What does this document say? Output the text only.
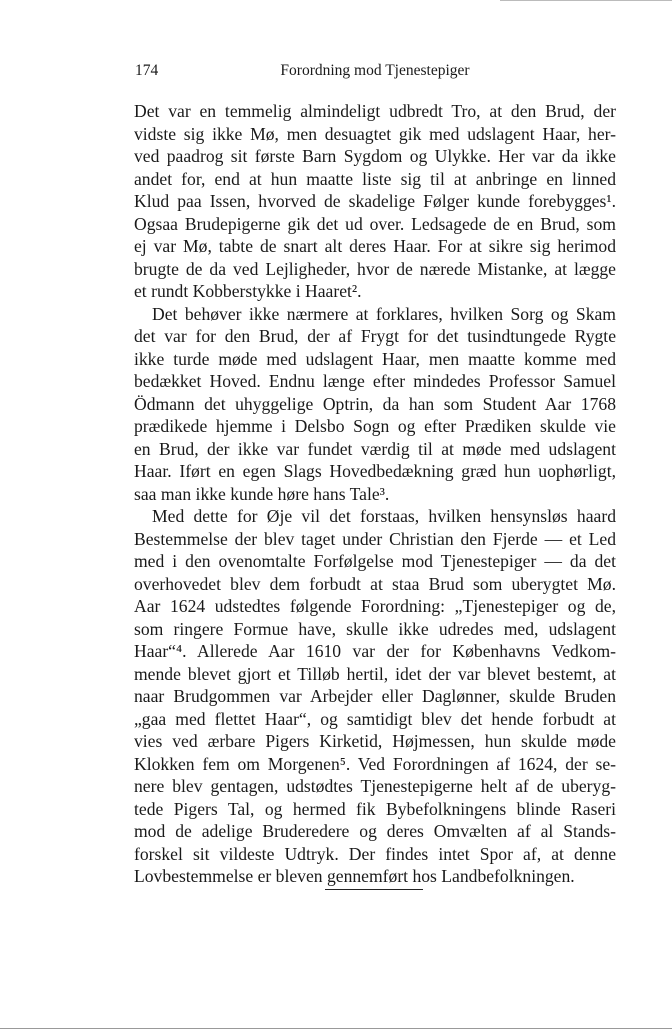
174	Forordning mod Tjenestepiger
Det var en temmelig almindeligt udbredt Tro, at den Brud, der
vidste sig ikke Mø, men desuagtet gik med udslagent Haar, her-
ved paadrog sit første Barn Sygdom og Ulykke. Her var da ikke
andet for, end at hun maatte liste sig til at anbringe en linned
Klud paa Issen, hvorved de skadelige Følger kunde forebygges¹.
Ogsaa Brudepigerne gik det ud over. Ledsagede de en Brud, som
ej var Mø, tabte de snart alt deres Haar. For at sikre sig herimod
brugte de da ved Lejligheder, hvor de nærede Mistanke, at lægge
et rundt Kobberstykke i Haaret².
Det behøver ikke nærmere at forklares, hvilken Sorg og Skam
det var for den Brud, der af Frygt for det tusindtungede Rygte
ikke turde møde med udslagent Haar, men maatte komme med
bedækket Hoved. Endnu længe efter mindedes Professor Samuel
Ödmann det uhyggelige Optrin, da han som Student Aar 1768
prædikede hjemme i Delsbo Sogn og efter Prædiken skulde vie
en Brud, der ikke var fundet værdig til at møde med udslagent
Haar. Iført en egen Slags Hovedbedækning græd hun uophørligt,
saa man ikke kunde høre hans Tale³.
Med dette for Øje vil det forstaas, hvilken hensynsløs haard
Bestemmelse der blev taget under Christian den Fjerde — et Led
med i den ovenomtalte Forfølgelse mod Tjenestepiger — da det
overhovedet blev dem forbudt at staa Brud som uberygtet Mø.
Aar 1624 udstedtes følgende Forordning: „Tjenestepiger og de,
som ringere Formue have, skulle ikke udredes med, udslagent
Haar“⁴. Allerede Aar 1610 var der for Københavns Vedkom-
mende blevet gjort et Tilløb hertil, idet der var blevet bestemt, at
naar Brudgommen var Arbejder eller Daglønner, skulde Bruden
„gaa med flettet Haar“, og samtidigt blev det hende forbudt at
vies ved ærbare Pigers Kirketid, Højmessen, hun skulde møde
Klokken fem om Morgenen⁵. Ved Forordningen af 1624, der se-
nere blev gentagen, udstødtes Tjenestepigerne helt af de uberyg-
tede Pigers Tal, og hermed fik Bybefolkningens blinde Raseri
mod de adelige Bruderedere og deres Omvælten af al Stands-
forskel sit vildeste Udtryk. Der findes intet Spor af, at denne
Lovbestemmelse er bleven gennemført hos Landbefolkningen.
